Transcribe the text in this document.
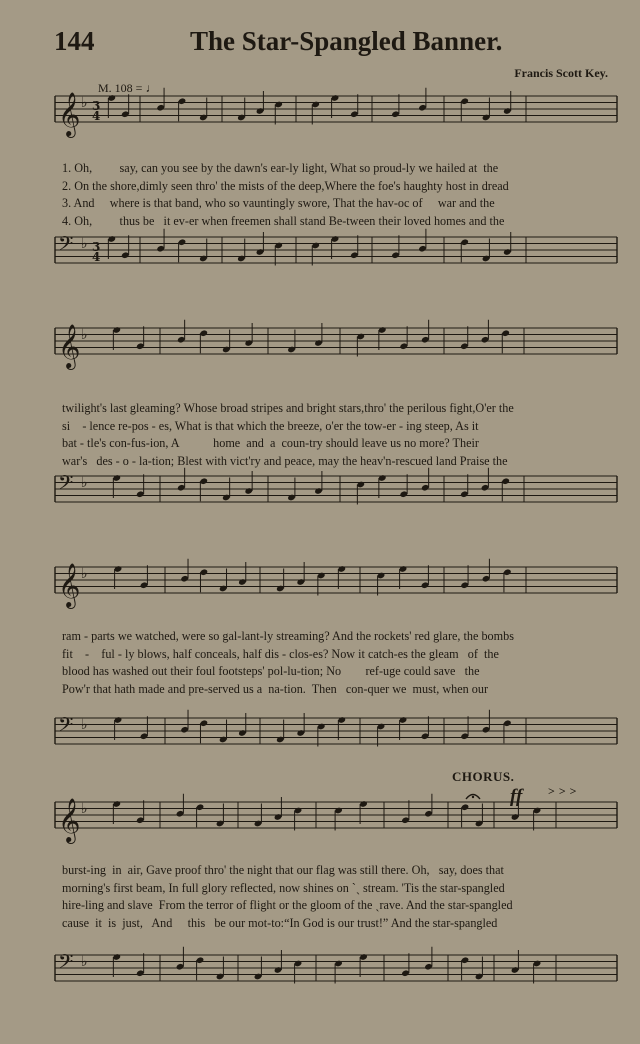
144	The Star-Spangled Banner.
Francis Scott Key.
M. 108 = ♩
𝄞 ♭
𝄢 ♭
𝄞 ♭
𝄢 ♭
𝄞 ♭
𝄢 ♭
𝄞 ♭
𝄢 ♭
3
4
3
4
1. Oh,         say, can you see by the dawn's ear-ly light, What so proud-ly we hailed at  the
2. On the shore,dimly seen thro' the mists of the deep,Where the foe's haughty host in dread
3. And     where is that band, who so vauntingly swore, That the hav-oc of     war and the
4. Oh,         thus be   it ev-er when freemen shall stand Be-tween their loved homes and the
twilight's last gleaming? Whose broad stripes and bright stars,thro' the perilous fight,O'er the
si    - lence re-pos - es, What is that which the breeze, o'er the tow-er - ing steep, As it
bat - tle's con-fus-ion, A           home  and  a  coun-try should leave us no more? Their
war's   des - o - la-tion; Blest with vict'ry and peace, may the heav'n-rescued land Praise the
ram - parts we watched, were so gal-lant-ly streaming? And the rockets' red glare, the bombs
fit    -    ful - ly blows, half conceals, half dis - clos-es? Now it catch-es the gleam   of  the
blood has washed out their foul footsteps' pol-lu-tion; No        ref-uge could save   the
Pow'r that hath made and pre-served us a  na-tion.  Then   con-quer we  must, when our
CHORUS.
ff >>>
burst-ing  in  air, Gave proof thro' the night that our flag was still there. Oh,   say, does that
morning's first beam, In full glory reflected, now shines on ˋˎ stream. 'Tis the star-spangled
hire-ling and slave  From the terror of flight or the gloom of the ˏrave. And the star-spangled
cause  it  is  just,   And     this   be our mot-to:“In God is our trust!” And the star-spangled
